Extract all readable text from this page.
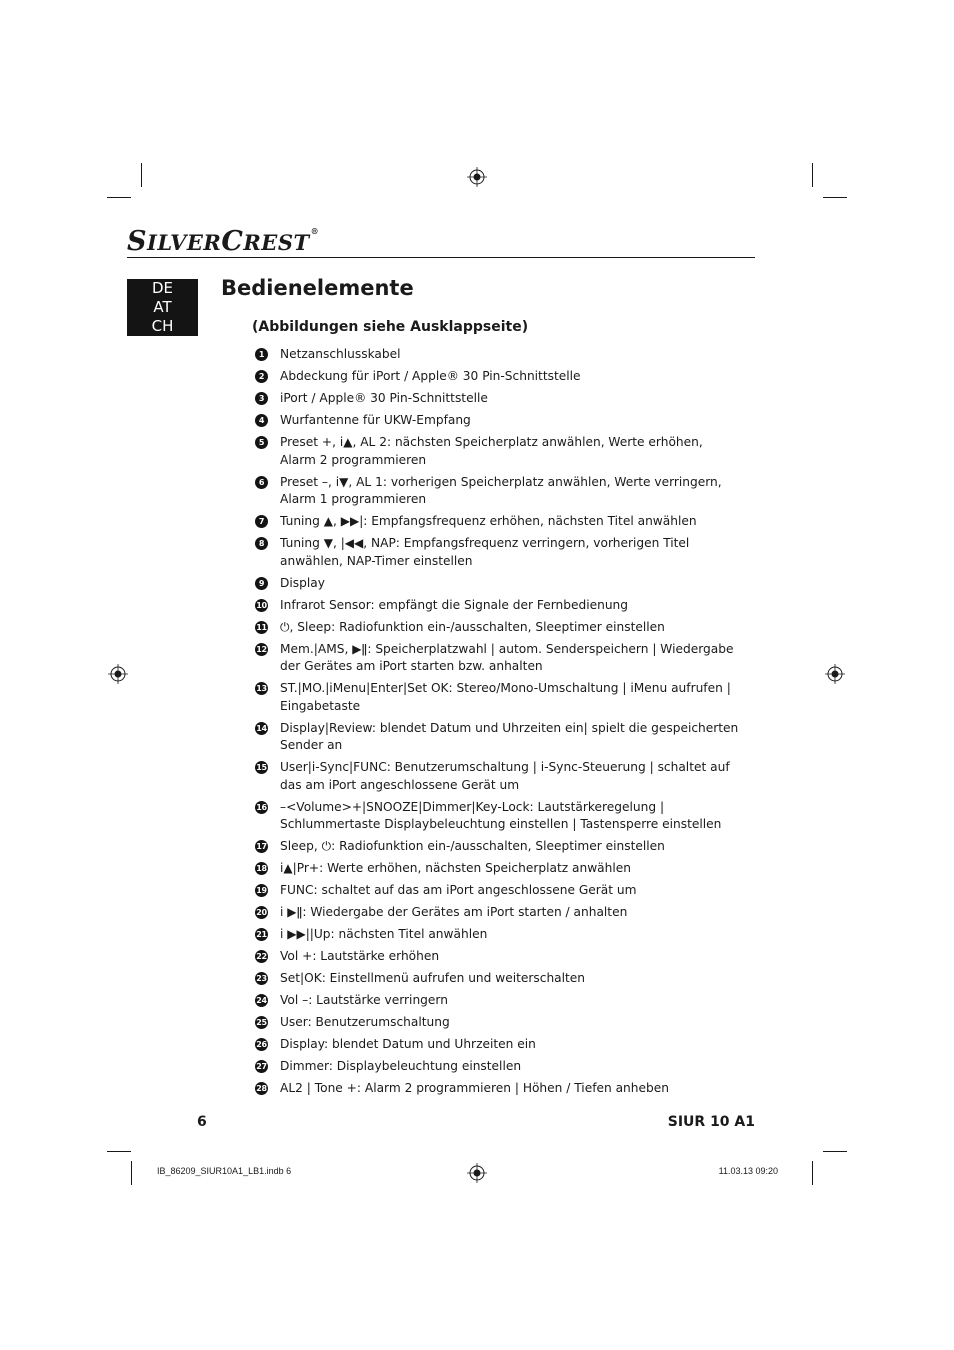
SILVERCREST®
DE
AT
CH
Bedienelemente
(Abbildungen siehe Ausklappseite)
1	Netzanschlusskabel
2	Abdeckung für iPort / Apple® 30 Pin-Schnittstelle
3	iPort / Apple® 30 Pin-Schnittstelle
4	Wurfantenne für UKW-Empfang
5	Preset +, i▲, AL 2: nächsten Speicherplatz anwählen, Werte erhöhen, Alarm 2 programmieren
6	Preset –, i▼, AL 1: vorherigen Speicherplatz anwählen, Werte verringern, Alarm 1 programmieren
7	Tuning ▲, ▶▶|: Empfangsfrequenz erhöhen, nächsten Titel anwählen
8	Tuning ▼, |◀◀, NAP: Empfangsfrequenz verringern, vorherigen Titel anwählen, NAP-Timer einstellen
9	Display
10 Infrarot Sensor: empfängt die Signale der Fernbedienung
11 ⏻, Sleep: Radiofunktion ein-/ausschalten, Sleeptimer einstellen
12 Mem.|AMS, ▶ǁ: Speicherplatzwahl | autom. Senderspeichern | Wiedergabe der Gerätes am iPort starten bzw. anhalten
13 ST.|MO.|iMenu|Enter|Set OK: Stereo/Mono-Umschaltung | iMenu aufrufen | Eingabetaste
14 Display|Review: blendet Datum und Uhrzeiten ein| spielt die gespeicherten Sender an
15 User|i-Sync|FUNC: Benutzerumschaltung | i-Sync-Steuerung | schaltet auf das am iPort angeschlossene Gerät um
16 –<Volume>+|SNOOZE|Dimmer|Key-Lock: Lautstärkeregelung | Schlummertaste Displaybeleuchtung einstellen | Tastensperre einstellen
17 Sleep, ⏻: Radiofunktion ein-/ausschalten, Sleeptimer einstellen
18 i▲|Pr+: Werte erhöhen, nächsten Speicherplatz anwählen
19 FUNC: schaltet auf das am iPort angeschlossene Gerät um
20 i ▶ǁ: Wiedergabe der Gerätes am iPort starten / anhalten
21 i ▶▶||Up: nächsten Titel anwählen
22 Vol +: Lautstärke erhöhen
23 Set|OK: Einstellmenü aufrufen und weiterschalten
24 Vol –: Lautstärke verringern
25 User: Benutzerumschaltung
26 Display: blendet Datum und Uhrzeiten ein
27 Dimmer: Displaybeleuchtung einstellen
28 AL2 | Tone +: Alarm 2 programmieren | Höhen / Tiefen anheben
6	SIUR 10 A1
IB_86209_SIUR10A1_LB1.indb 6	11.03.13 09:20
